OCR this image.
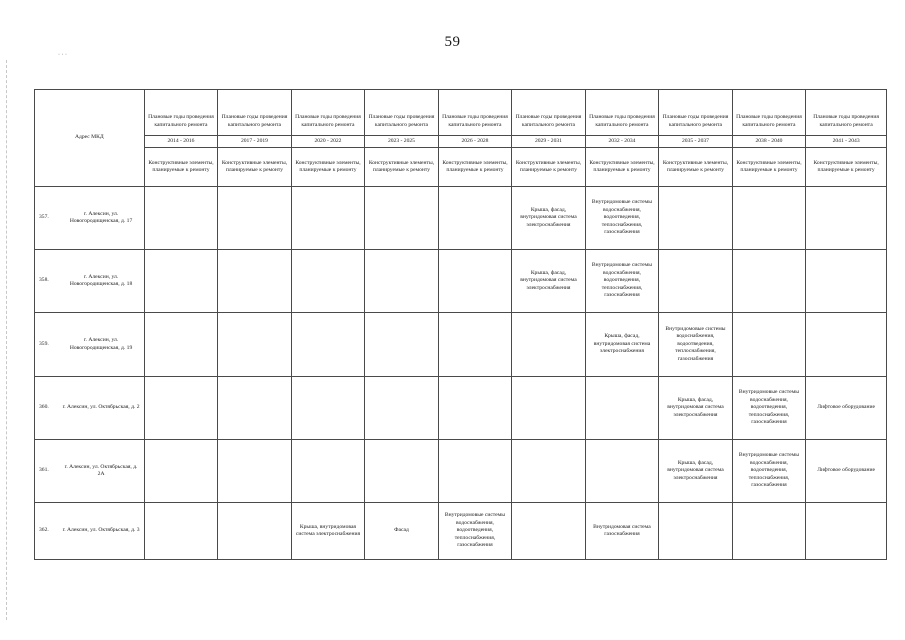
59
· · ·
	Адрес МКД	Плановые годы проведения капитального ремонта	Плановые годы проведения капитального ремонта	Плановые годы проведения капитального ремонта	Плановые годы проведения капитального ремонта	Плановые годы проведения капитального ремонта	Плановые годы проведения капитального ремонта	Плановые годы проведения капитального ремонта	Плановые годы проведения капитального ремонта	Плановые годы проведения капитального ремонта	Плановые годы проведения капитального ремонта
		2014 - 2016	2017 - 2019	2020 - 2022	2023 - 2025	2026 - 2028	2029 - 2031	2032 - 2034	2035 - 2037	2038 - 2040	2041 - 2043
		Конструктивные элементы, планируемые к ремонту	Конструктивные элементы, планируемые к ремонту	Конструктивные элементы, планируемые к ремонту	Конструктивные элементы, планируемые к ремонту	Конструктивные элементы, планируемые к ремонту	Конструктивные элементы, планируемые к ремонту	Конструктивные элементы, планируемые к ремонту	Конструктивные элементы, планируемые к ремонту	Конструктивные элементы, планируемые к ремонту	Конструктивные элементы, планируемые к ремонту
357.	г. Алексин, ул. Новогородищенская, д. 17						Крыша, фасад, внутридомовая система электроснабжения	Внутридомовые системы водоснабжения, водоотведения, теплоснабжения, газоснабжения			
358.	г. Алексин, ул. Новогородищенская, д. 18						Крыша, фасад, внутридомовая система электроснабжения	Внутридомовые системы водоснабжения, водоотведения, теплоснабжения, газоснабжения			
359.	г. Алексин, ул. Новогородищенская, д. 19							Крыша, фасад, внутридомовая система электроснабжения	Внутридомовые системы водоснабжения, водоотведения, теплоснабжения, газоснабжения		
360.	г. Алексин, ул. Октябрьская, д. 2								Крыша, фасад, внутридомовая система электроснабжения	Внутридомовые системы водоснабжения, водоотведения, теплоснабжения, газоснабжения	Лифтовое оборудование
361.	г. Алексин, ул. Октябрьская, д. 2А								Крыша, фасад, внутридомовая система электроснабжения	Внутридомовые системы водоснабжения, водоотведения, теплоснабжения, газоснабжения	Лифтовое оборудование
362.	г. Алексин, ул. Октябрьская, д. 3			Крыша, внутридомовая система электроснабжения	Фасад	Внутридомовые системы водоснабжения, водоотведения, теплоснабжения, газоснабжения		Внутридомовая система газоснабжения			
